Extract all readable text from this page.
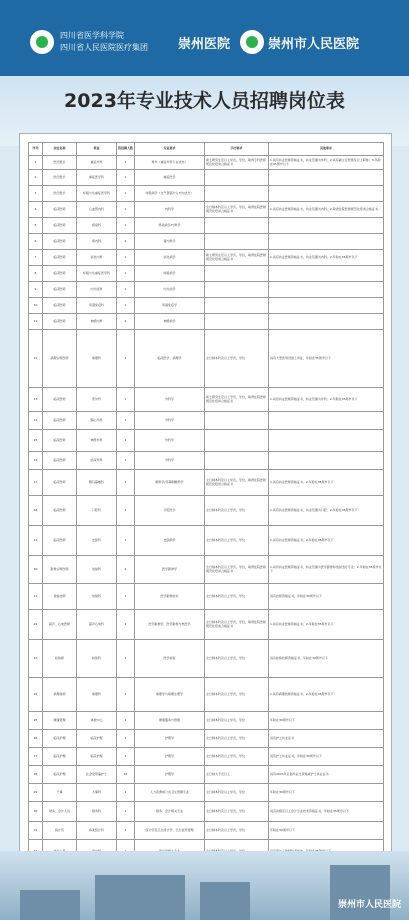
四川省医学科学院
四川省人民医院医疗集团 崇州医院	崇州市人民医院
2023年专业技术人员招聘岗位表
序号	岗位名称	科室	拟招聘人数	专业要求	学历要求	其他要求
1	医疗组长	重症外科	1	骨外（重症外科专业优先）	硕士研究生及以上学历，学位，取得专科医师规范化培训合格证书	1.具有执业医师资格证书，执业范围为外科；2.具有副主任医师及以上职称；3.年龄在45周岁以下
2	医疗组长	重症医学科	1	重症医学		
3	医疗组长	呼吸与危重症医学科	1	呼吸病学（支气管镜介入方向优先）		
4	临床医师	心血管内科	1	内科学	全日制本科及以上学历，学位，取得住院医师规范化培训合格证书	1.具有执业医师资格证书，执业范围为内科；2.取得住院医师规范化培训合格证书
5	临床医师	感染科	1	感染病学/内科学		
6	临床医师	肾内科	2	肾内科学		
7	临床医师	消化内科	1	消化病学	硕士研究生及以上学历，学位，取得住院医师规范化培训合格证书	1.具有执业医师资格证书，执业范围为内科；2.年龄在35周岁以下
8	临床医师	呼吸与危重症医学科	1	呼吸病学		
9	临床医师	内分泌科	1	内分泌学		
10	临床医师	风湿免疫科	1	风湿免疫学		
11	临床医师	神经内科	2	神经病学		
12	病理诊断医师	病理科	1	临床医学、病理学	全日制本科及以上学历，学位	具有大型医用设备上岗证，年龄在35周岁以下
13	临床医师	普外科	1	外科学	硕士研究生及以上学历，学位，取得住院医师规范化培训合格证书	1.具有执业医师资格证书，执业范围为外科；2.年龄在35周岁以下
14	临床医师	胸心外科	1	外科学		
15	临床医师	神经外科	1	外科学		
16	临床医师	泌尿外科	1	外科学		
17	临床医师	眼耳鼻喉科	2	眼科学/耳鼻咽喉科学	全日制本科及以上学历，学位，取得住院医师规范化培训合格证书	1.具有执业医师资格证书；2.年龄在35周岁以下
18	临床医师	口腔科	1	口腔医学	全日制本科及以上学历，学位	1.具有执业医师资格证书，执业范围为口腔；2.年龄在35周岁以下
19	临床医师	皮肤科	1	皮肤病学	全日制本科及以上学历，学位	1.具有执业医师资格证书；2.年龄在35周岁以下
20	影像诊断医师	放射科	2	医学影像学	全日制本科及以上学历，学位，取得住院医师规范化培训合格证书	1.具有执业医师资格证书，执业范围为医学影像和放射治疗专业；2.年龄在35周岁以下
21	放射技师	放射科	1	医学影像技术	全日制本科及以上学历，学位	具有技师资格证书，年龄在30周岁以下
22	超声、心电医师	超声心电科	2	医学影像学、医学影像与核医学	全日制本科及以上学历，学位，取得住院医师规范化培训合格证书	1.具有执业医师资格证书；2.年龄在35周岁以下
23	检验师	检验科	1	医学检验	全日制本科及以上学历，学位	具有检验技师资格证书，年龄在30周岁以下
24	病理技师	病理科	1	病理学与病理生理学	全日制本科及以上学历，学位	1.具有病理技师资格证书；2.年龄在35周岁以下
25	健康管理	体检中心	1	健康服务与管理	全日制本科及以上学历，学位	年龄在30周岁以下
26	临床护理	临床护理	2	护理学	全日制本科及以上学历，学位	具有护士执业证书
27	临床护理	临床护理	2	护理学	全日制本科及以上学历，学位	具有护士执业证书，年龄在30周岁以下
28	临床护理	社会化用编护士	45	护理学	全日制大专及以上	具有2023年应届毕业生资格或护士执业证书
29	干事	人事科	1	人力资源或公共卫生管理专业	全日制本科及以上学历，学位	年龄在30周岁以下
30	财务、会计人员	财务科	1	财务、会计相关专业	全日制本科及以上学历，学位	具有初级及以上会计专业技术资格证书，年龄在35周岁以下
31	统计员	病案统计科	1	统计学及卫生统计学、卫生信息管理	全日制本科及以上学历，学位	年龄在30周岁以下

崇州市人民医院
